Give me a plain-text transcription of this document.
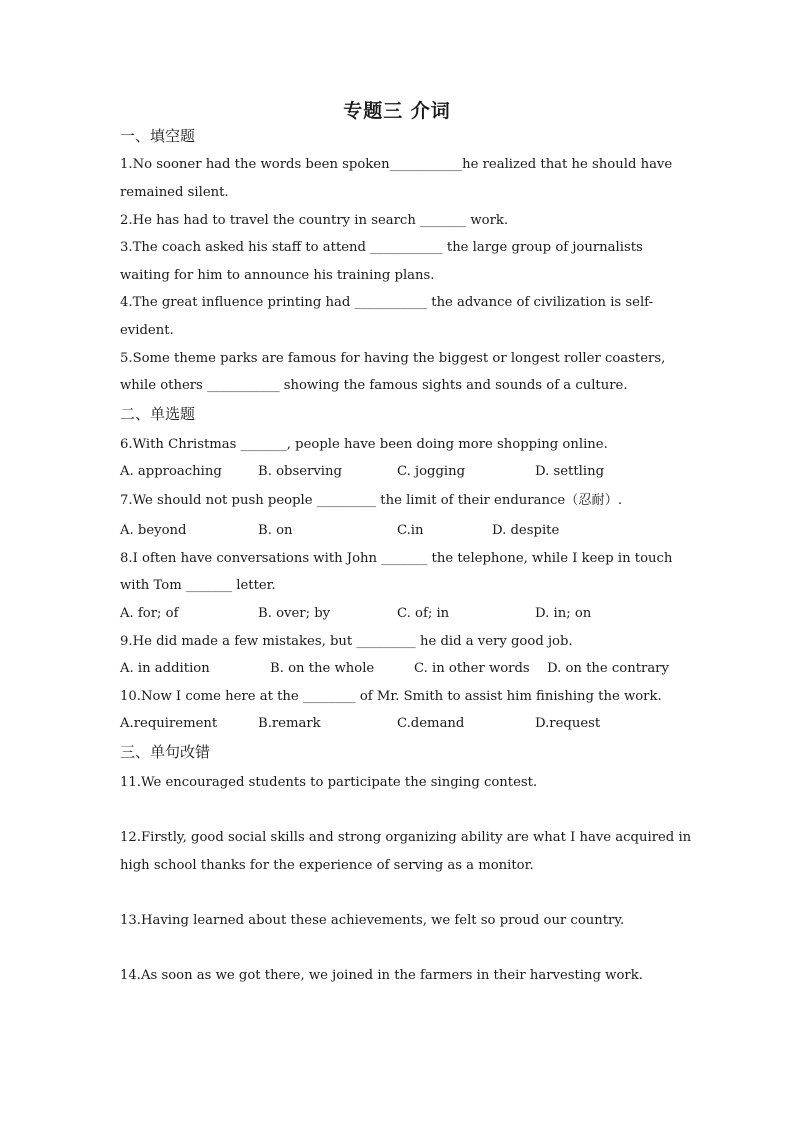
专题三 介词
一、填空题
1.No sooner had the words been spoken___________he realized that he should have
remained silent.
2.He has had to travel the country in search _______ work.
3.The coach asked his staff to attend ___________ the large group of journalists
waiting for him to announce his training plans.
4.The great influence printing had ___________ the advance of civilization is self-
evident.
5.Some theme parks are famous for having the biggest or longest roller coasters,
while others ___________ showing the famous sights and sounds of a culture.
二、单选题
6.With Christmas _______, people have been doing more shopping online.
A. approaching	B. observing	C. jogging	D. settling
7.We should not push people _________ the limit of their endurance（忍耐）.
A. beyond	B. on	C.in	D. despite
8.I often have conversations with John _______ the telephone, while I keep in touch
with Tom _______ letter.
A. for; of	B. over; by	C. of; in	D. in; on
9.He did made a few mistakes, but _________ he did a very good job.
A. in addition	B. on the whole	C. in other words D. on the contrary
10.Now I come here at the ________ of Mr. Smith to assist him finishing the work.
A.requirement	B.remark	C.demand	D.request
三、单句改错
11.We encouraged students to participate the singing contest.
12.Firstly, good social skills and strong organizing ability are what I have acquired in
high school thanks for the experience of serving as a monitor.
13.Having learned about these achievements, we felt so proud our country.
14.As soon as we got there, we joined in the farmers in their harvesting work.
